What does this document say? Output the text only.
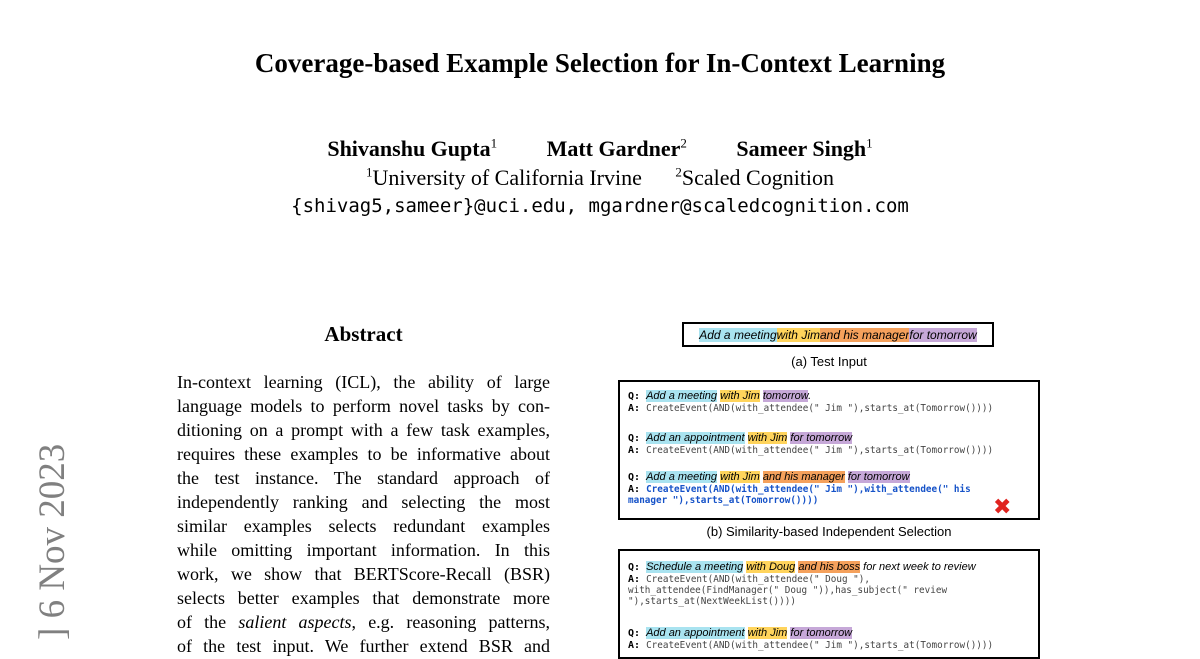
Coverage-based Example Selection for In-Context Learning
Shivanshu Gupta$^1$ Matt Gardner$^2$ Sameer Singh$^1$
$^1$University of California Irvine	$^2$Scaled Cognition
{shivag5,sameer}@uci.edu, mgardner@scaledcognition.com
] 6 Nov 2023
Abstract
In-context learning (ICL), the ability of large
language models to perform novel tasks by con-
ditioning on a prompt with a few task examples,
requires these examples to be informative about
the test instance. The standard approach of
independently ranking and selecting the most
similar examples selects redundant examples
while omitting important information. In this
work, we show that BERTScore-Recall (BSR)
selects better examples that demonstrate more
of the salient aspects, e.g. reasoning patterns,
of the test input. We further extend BSR and
Add a meeting with Jim and his manager for tomorrow
(a) Test Input
Q: Add a meeting with Jim tomorrow.
A: CreateEvent(AND(with_attendee(" Jim "),starts_at(Tomorrow())))
Q: Add an appointment with Jim for tomorrow
A: CreateEvent(AND(with_attendee(" Jim "),starts_at(Tomorrow())))
Q: Add a meeting with Jim and his manager for tomorrow
A: CreateEvent(AND(with_attendee(" Jim "),with_attendee(" his
manager "),starts_at(Tomorrow())))	✖
(b) Similarity-based Independent Selection
Q: Schedule a meeting with Doug and his boss for next week to review
A: CreateEvent(AND(with_attendee(" Doug "),
with_attendee(FindManager(" Doug ")),has_subject(" review
"),starts_at(NextWeekList())))
Q: Add an appointment with Jim for tomorrow
A: CreateEvent(AND(with_attendee(" Jim "),starts_at(Tomorrow())))
